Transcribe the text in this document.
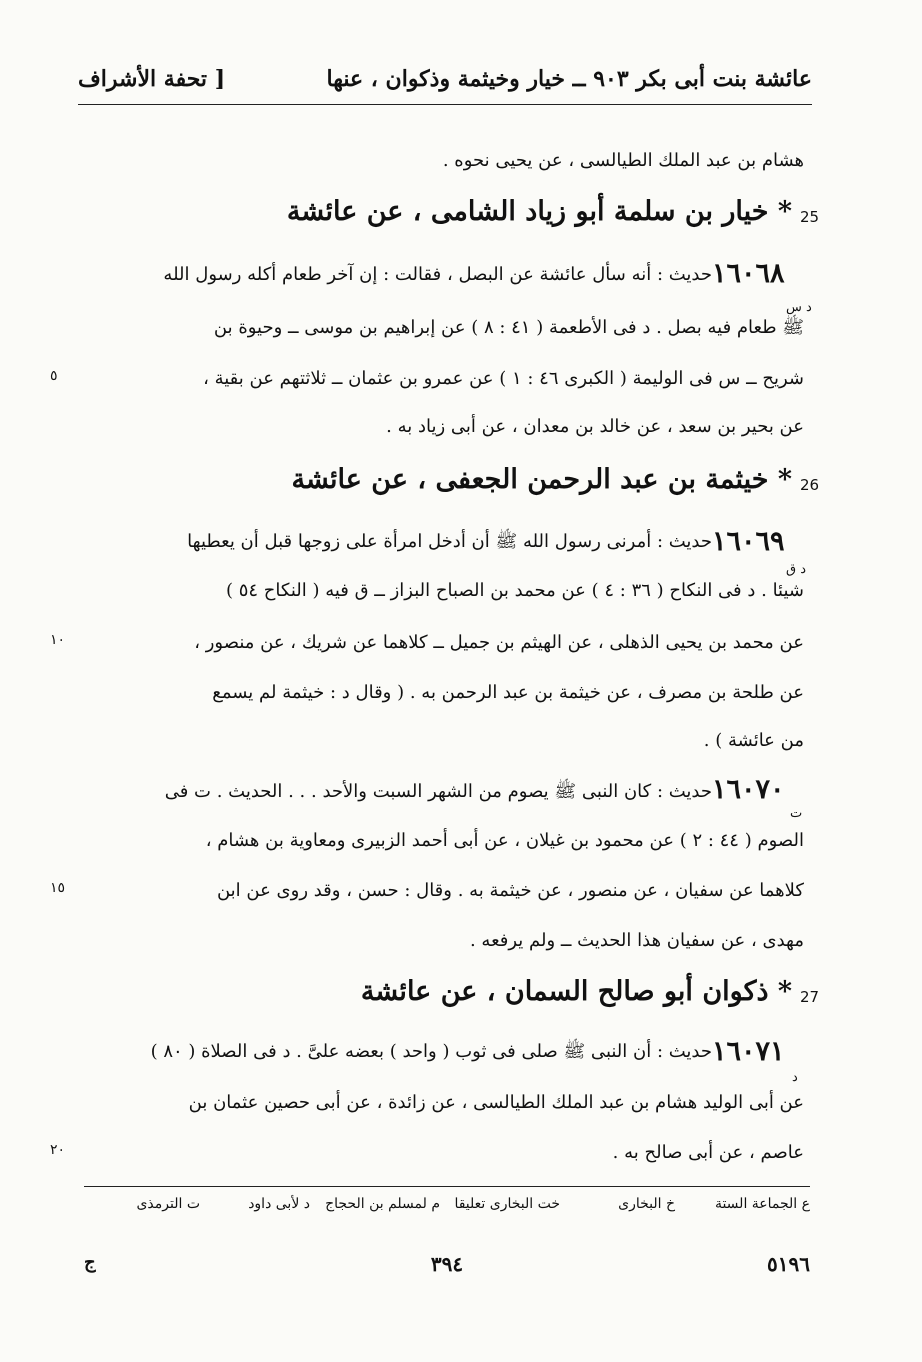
عائشة بنت أبى بكر ٩٠٣ ــ خيار وخيثمة وذكوان ، عنها
[ تحفة الأشراف
هشام بن عبد الملك الطيالسى ، عن يحيى نحوه .
25
* خيار بن سلمة أبو زياد الشامى ، عن عائشة
١٦٠٦٨
د س
حديث : أنه سأل عائشة عن البصل ، فقالت : إن آخر طعام أكله رسول الله
ﷺ طعام فيه بصل . د فى الأطعمة ( ٤١ : ٨ ) عن إبراهيم بن موسى ــ وحيوة بن
شريح ــ س فى الوليمة ( الكبرى ٤٦ : ١ ) عن عمرو بن عثمان ــ ثلاثتهم عن بقية ،
٥
عن بحير بن سعد ، عن خالد بن معدان ، عن أبى زياد به .
26
* خيثمة بن عبد الرحمن الجعفى ، عن عائشة
١٦٠٦٩
د ق
حديث : أمرنى رسول الله ﷺ أن أدخل امرأة على زوجها قبل أن يعطيها
شيئا . د فى النكاح ( ٣٦ : ٤ ) عن محمد بن الصباح البزاز ــ ق فيه ( النكاح ٥٤ )
عن محمد بن يحيى الذهلى ، عن الهيثم بن جميل ــ كلاهما عن شريك ، عن منصور ،
١٠
عن طلحة بن مصرف ، عن خيثمة بن عبد الرحمن به . ( وقال د : خيثمة لم يسمع
من عائشة ) .
١٦٠٧٠
ت
حديث : كان النبى ﷺ يصوم من الشهر السبت والأحد . . . الحديث . ت فى
الصوم ( ٤٤ : ٢ ) عن محمود بن غيلان ، عن أبى أحمد الزبيرى ومعاوية بن هشام ،
كلاهما عن سفيان ، عن منصور ، عن خيثمة به . وقال : حسن ، وقد روى عن ابن
١٥
مهدى ، عن سفيان هذا الحديث ــ ولم يرفعه .
27
* ذكوان أبو صالح السمان ، عن عائشة
١٦٠٧١
د
حديث : أن النبى ﷺ صلى فى ثوب ( واحد ) بعضه علىَّ . د فى الصلاة ( ٨٠ )
عن أبى الوليد هشام بن عبد الملك الطيالسى ، عن زائدة ، عن أبى حصين عثمان بن
عاصم ، عن أبى صالح به .
٢٠
ع الجماعة الستة
خ البخارى
خت البخارى تعليقا
م لمسلم بن الحجاج
د لأبى داود
ت الترمذى
ج	٣٩٤	٥١٩٦
